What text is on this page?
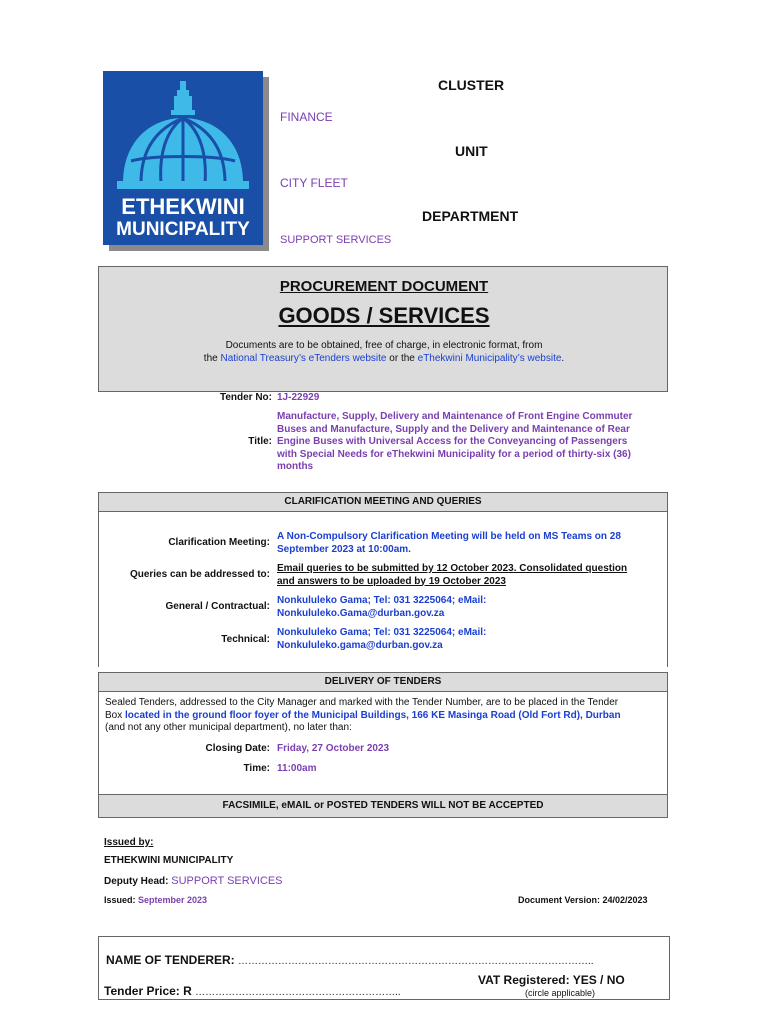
ETHEKWINI
MUNICIPALITY
CLUSTER
FINANCE
UNIT
CITY FLEET
DEPARTMENT
SUPPORT SERVICES
PROCUREMENT DOCUMENT
GOODS / SERVICES
Documents are to be obtained, free of charge, in electronic format, from
the National Treasury’s eTenders website or the eThekwini Municipality’s website.
Tender No: 1J-22929
Title:
Manufacture, Supply, Delivery and Maintenance of Front Engine Commuter
Buses and Manufacture, Supply and the Delivery and Maintenance of Rear
Engine Buses with Universal Access for the Conveyancing of Passengers
with Special Needs for eThekwini Municipality for a period of thirty-six (36)
months
CLARIFICATION MEETING AND QUERIES
Clarification Meeting:
A Non-Compulsory Clarification Meeting will be held on MS Teams on 28
September 2023 at 10:00am.
Queries can be addressed to:
Email queries to be submitted by 12 October 2023. Consolidated question
and answers to be uploaded by 19 October 2023
General / Contractual:
Nonkululeko Gama; Tel: 031 3225064; eMail:
Nonkululeko.Gama@durban.gov.za
Technical:
Nonkululeko Gama; Tel: 031 3225064; eMail:
Nonkululeko.gama@durban.gov.za
DELIVERY OF TENDERS
Sealed Tenders, addressed to the City Manager and marked with the Tender Number, are to be placed in the Tender
Box located in the ground floor foyer of the Municipal Buildings, 166 KE Masinga Road (Old Fort Rd), Durban
(and not any other municipal department), no later than:
Closing Date: Friday, 27 October 2023
Time: 11:00am
FACSIMILE, eMAIL or POSTED TENDERS WILL NOT BE ACCEPTED
Issued by:
ETHEKWINI MUNICIPALITY
Deputy Head: SUPPORT SERVICES
Issued: September 2023	Document Version: 24/02/2023
NAME OF TENDERER: ……………………………………………………………………………………………..
Tender Price: R ……………………………………………………..
VAT Registered: YES / NO
(circle applicable)
